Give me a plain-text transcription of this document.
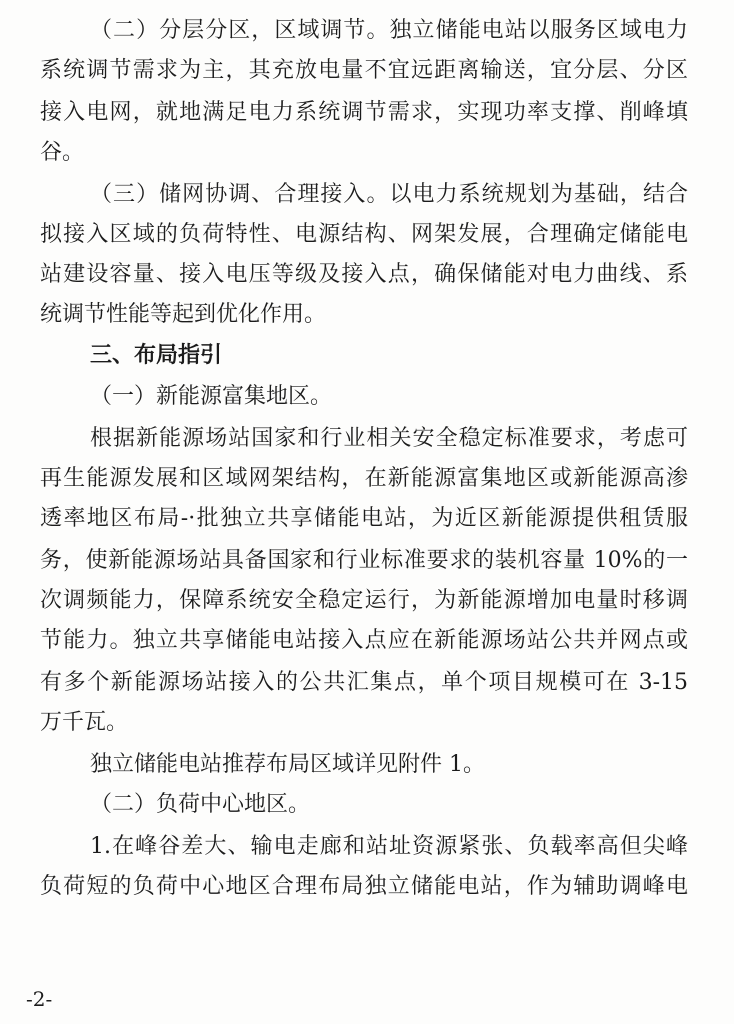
（二）分层分区，区域调节。独立储能电站以服务区域电力
系统调节需求为主，其充放电量不宜远距离输送，宜分层、分区
接入电网，就地满足电力系统调节需求，实现功率支撑、削峰填
谷。
（三）储网协调、合理接入。以电力系统规划为基础，结合
拟接入区域的负荷特性、电源结构、网架发展，合理确定储能电
站建设容量、接入电压等级及接入点，确保储能对电力曲线、系
统调节性能等起到优化作用。
三、布局指引
（一）新能源富集地区。
根据新能源场站国家和行业相关安全稳定标准要求，考虑可
再生能源发展和区域网架结构，在新能源富集地区或新能源高渗
透率地区布局-·批独立共享储能电站，为近区新能源提供租赁服
务，使新能源场站具备国家和行业标准要求的装机容量 10%的一
次调频能力，保障系统安全稳定运行，为新能源增加电量时移调
节能力。独立共享储能电站接入点应在新能源场站公共并网点或
有多个新能源场站接入的公共汇集点，单个项目规模可在 3-15
万千瓦。
独立储能电站推荐布局区域详见附件 1。
（二）负荷中心地区。
1.在峰谷差大、输电走廊和站址资源紧张、负载率高但尖峰
负荷短的负荷中心地区合理布局独立储能电站，作为辅助调峰电
-2-
